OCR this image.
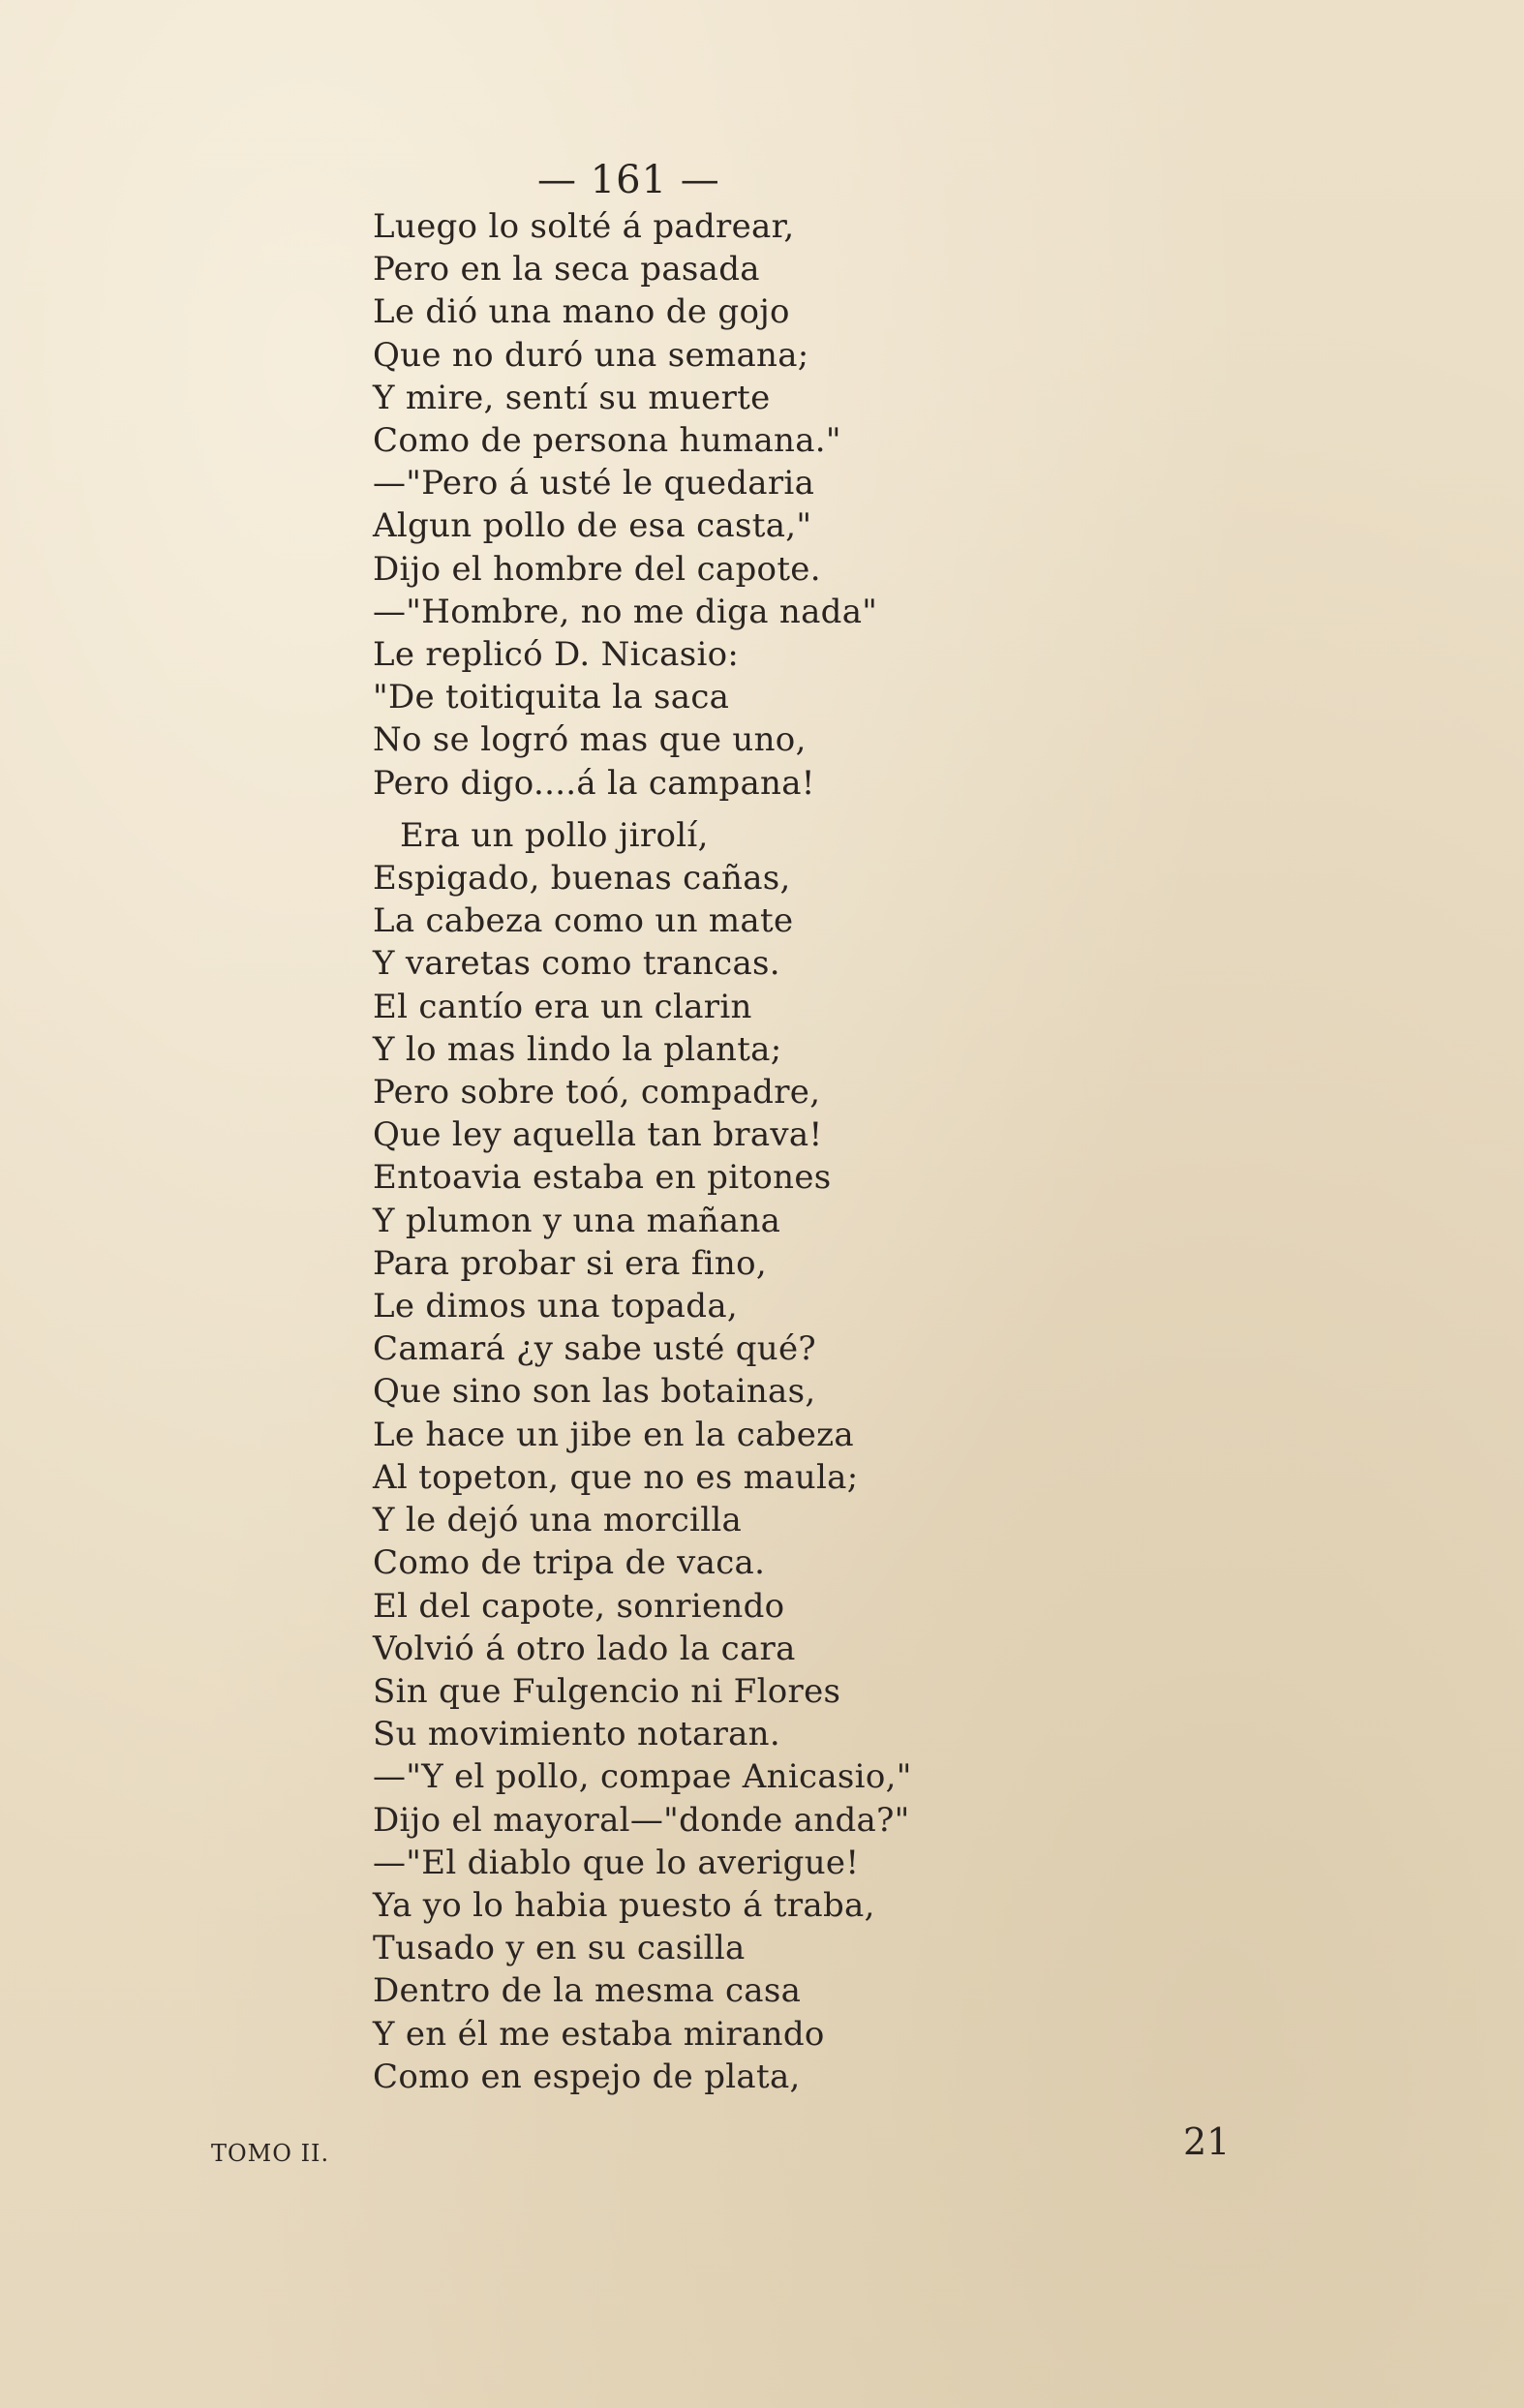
— 161 —
Luego lo solté á padrear,
Pero en la seca pasada
Le dió una mano de gojo
Que no duró una semana;
Y mire, sentí su muerte
Como de persona humana."
—"Pero á usté le quedaria
Algun pollo de esa casta,"
Dijo el hombre del capote.
—"Hombre, no me diga nada"
Le replicó D. Nicasio:
"De toitiquita la saca
No se logró mas que uno,
Pero digo....á la campana!
Era un pollo jirolí,
Espigado, buenas cañas,
La cabeza como un mate
Y varetas como trancas.
El cantío era un clarin
Y lo mas lindo la planta;
Pero sobre toó, compadre,
Que ley aquella tan brava!
Entoavia estaba en pitones
Y plumon y una mañana
Para probar si era fino,
Le dimos una topada,
Camará ¿y sabe usté qué?
Que sino son las botainas,
Le hace un jibe en la cabeza
Al topeton, que no es maula;
Y le dejó una morcilla
Como de tripa de vaca.
El del capote, sonriendo
Volvió á otro lado la cara
Sin que Fulgencio ni Flores
Su movimiento notaran.
—"Y el pollo, compae Anicasio,"
Dijo el mayoral—"donde anda?"
—"El diablo que lo averigue!
Ya yo lo habia puesto á traba,
Tusado y en su casilla
Dentro de la mesma casa
Y en él me estaba mirando
Como en espejo de plata,
TOMO II.	21
